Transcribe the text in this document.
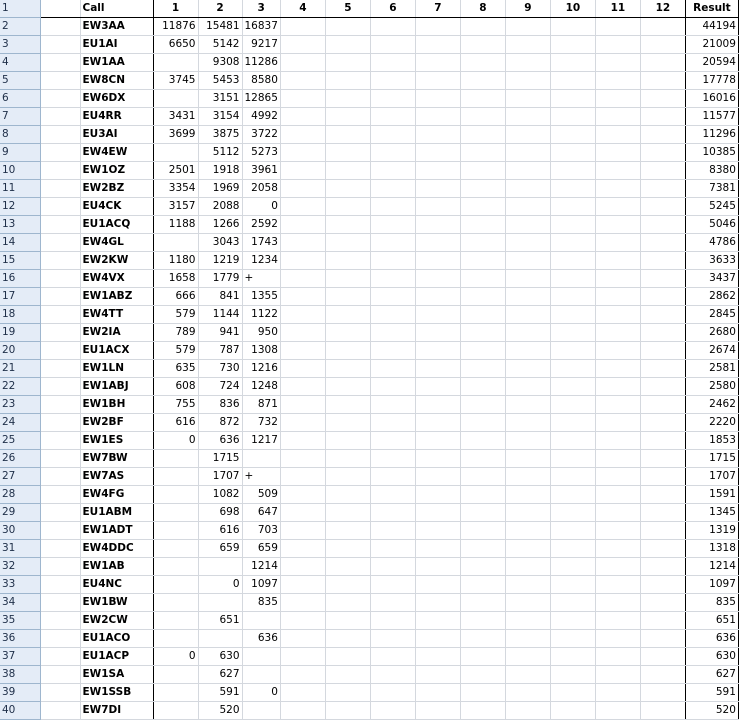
1		Call	1	2	3	4	5	6	7	8	9	10	11	12	Result
2		EW3AA	11876	15481	16837										44194
3		EU1AI	6650	5142	9217										21009
4		EW1AA		9308	11286										20594
5		EW8CN	3745	5453	8580										17778
6		EW6DX		3151	12865										16016
7		EU4RR	3431	3154	4992										11577
8		EU3AI	3699	3875	3722										11296
9		EW4EW		5112	5273										10385
10		EW1OZ	2501	1918	3961										8380
11		EW2BZ	3354	1969	2058										7381
12		EU4CK	3157	2088	0										5245
13		EU1ACQ	1188	1266	2592										5046
14		EW4GL		3043	1743										4786
15		EW2KW	1180	1219	1234										3633
16		EW4VX	1658	1779	+										3437
17		EW1ABZ	666	841	1355										2862
18		EW4TT	579	1144	1122										2845
19		EW2IA	789	941	950										2680
20		EU1ACX	579	787	1308										2674
21		EW1LN	635	730	1216										2581
22		EW1ABJ	608	724	1248										2580
23		EW1BH	755	836	871										2462
24		EW2BF	616	872	732										2220
25		EW1ES	0	636	1217										1853
26		EW7BW		1715											1715
27		EW7AS		1707	+										1707
28		EW4FG		1082	509										1591
29		EU1ABM		698	647										1345
30		EW1ADT		616	703										1319
31		EW4DDC		659	659										1318
32		EW1AB			1214										1214
33		EU4NC		0	1097										1097
34		EW1BW			835										835
35		EW2CW		651											651
36		EU1ACO			636										636
37		EU1ACP	0	630											630
38		EW1SA		627											627
39		EW1SSB		591	0										591
40		EW7DI		520											520
